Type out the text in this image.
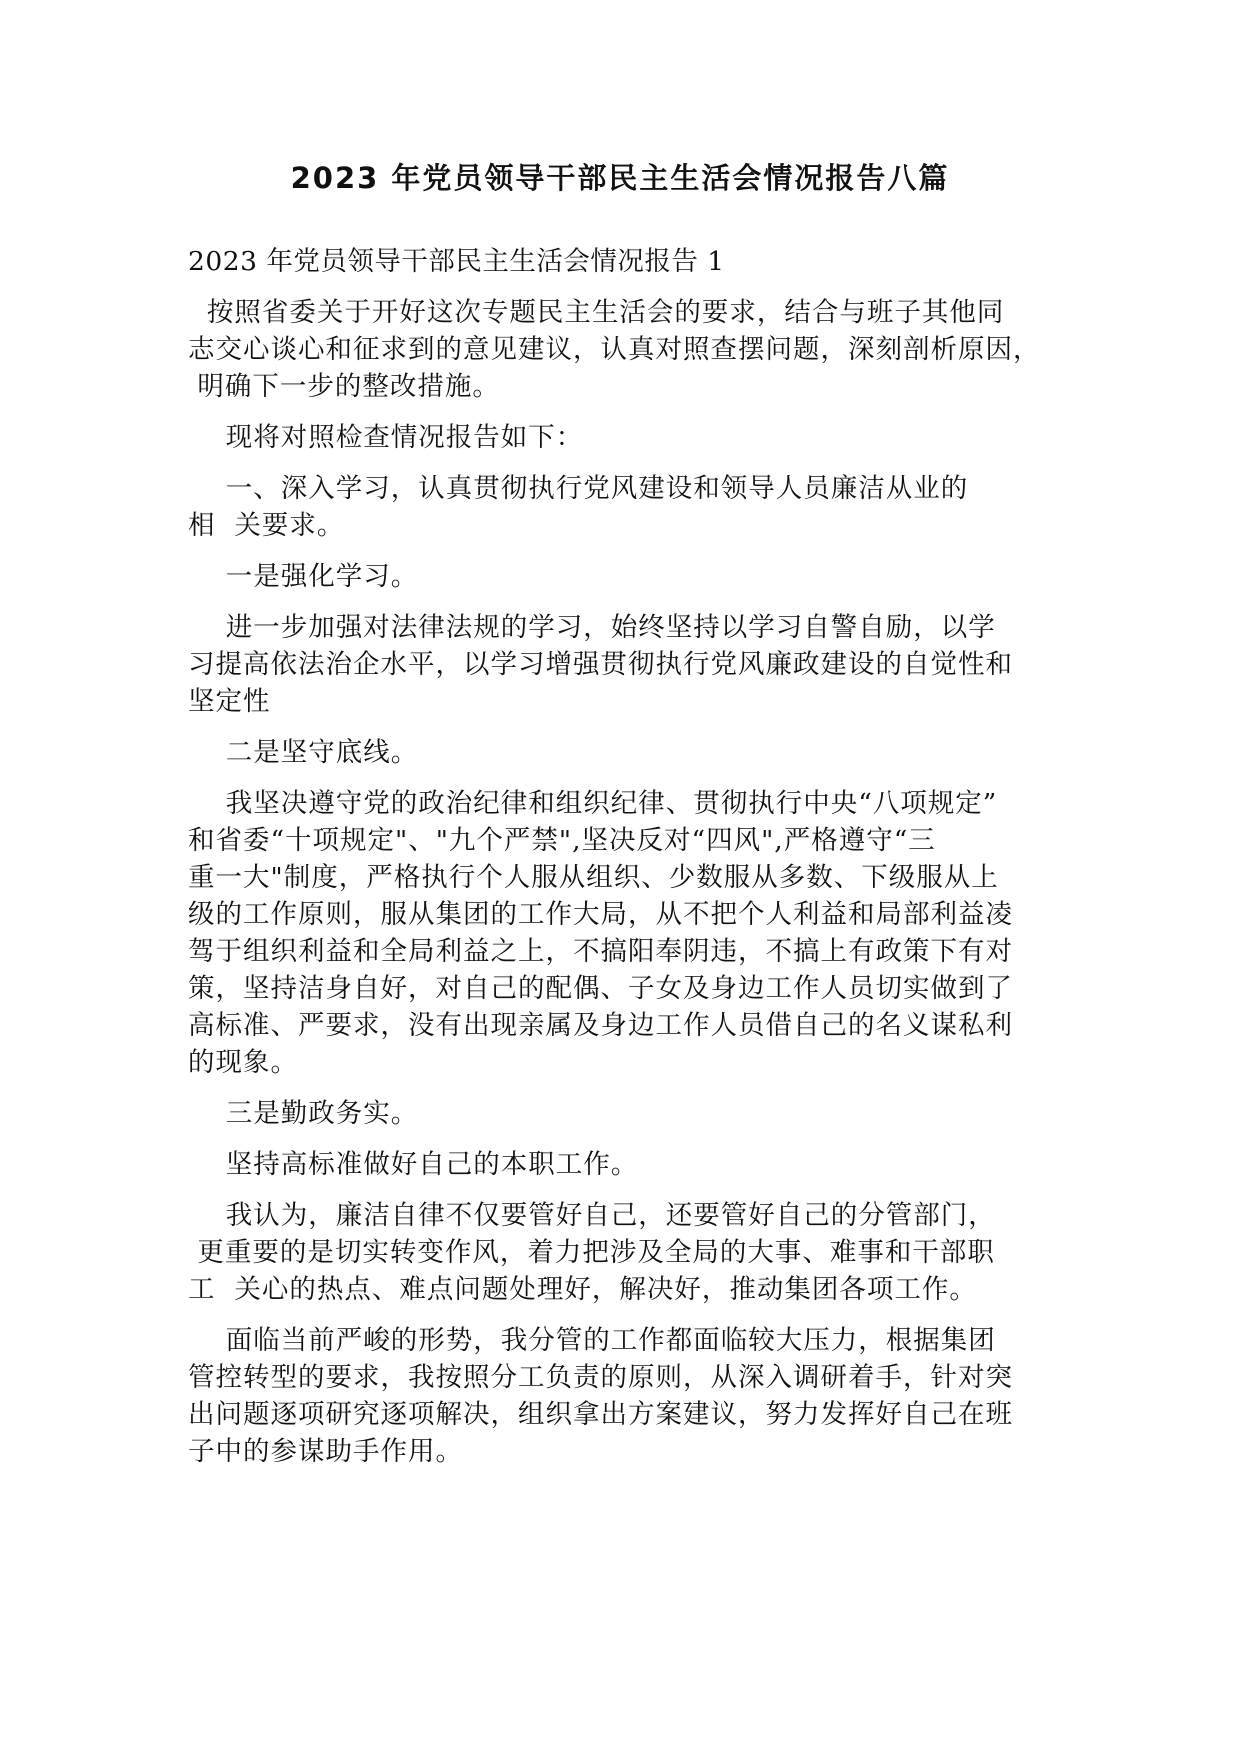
2023 年党员领导干部民主生活会情况报告八篇
2023 年党员领导干部民主生活会情况报告 1
按照省委关于开好这次专题民主生活会的要求，结合与班子其他同
志交心谈心和征求到的意见建议，认真对照查摆问题，深刻剖析原因，
明确下一步的整改措施。
现将对照检查情况报告如下：
一、深入学习，认真贯彻执行党风建设和领导人员廉洁从业的
相  关要求。
一是强化学习。
进一步加强对法律法规的学习，始终坚持以学习自警自励，以学
习提高依法治企水平，以学习增强贯彻执行党风廉政建设的自觉性和
坚定性
二是坚守底线。
我坚决遵守党的政治纪律和组织纪律、贯彻执行中央“八项规定”
和省委“十项规定"、"九个严禁",坚决反对“四风",严格遵守“三
重一大"制度，严格执行个人服从组织、少数服从多数、下级服从上
级的工作原则，服从集团的工作大局，从不把个人利益和局部利益凌
驾于组织利益和全局利益之上，不搞阳奉阴违，不搞上有政策下有对
策，坚持洁身自好，对自己的配偶、子女及身边工作人员切实做到了
高标准、严要求，没有出现亲属及身边工作人员借自己的名义谋私利
的现象。
三是勤政务实。
坚持高标准做好自己的本职工作。
我认为，廉洁自律不仅要管好自己，还要管好自己的分管部门，
更重要的是切实转变作风，着力把涉及全局的大事、难事和干部职
工  关心的热点、难点问题处理好，解决好，推动集团各项工作。
面临当前严峻的形势，我分管的工作都面临较大压力，根据集团
管控转型的要求，我按照分工负责的原则，从深入调研着手，针对突
出问题逐项研究逐项解决，组织拿出方案建议，努力发挥好自己在班
子中的参谋助手作用。
